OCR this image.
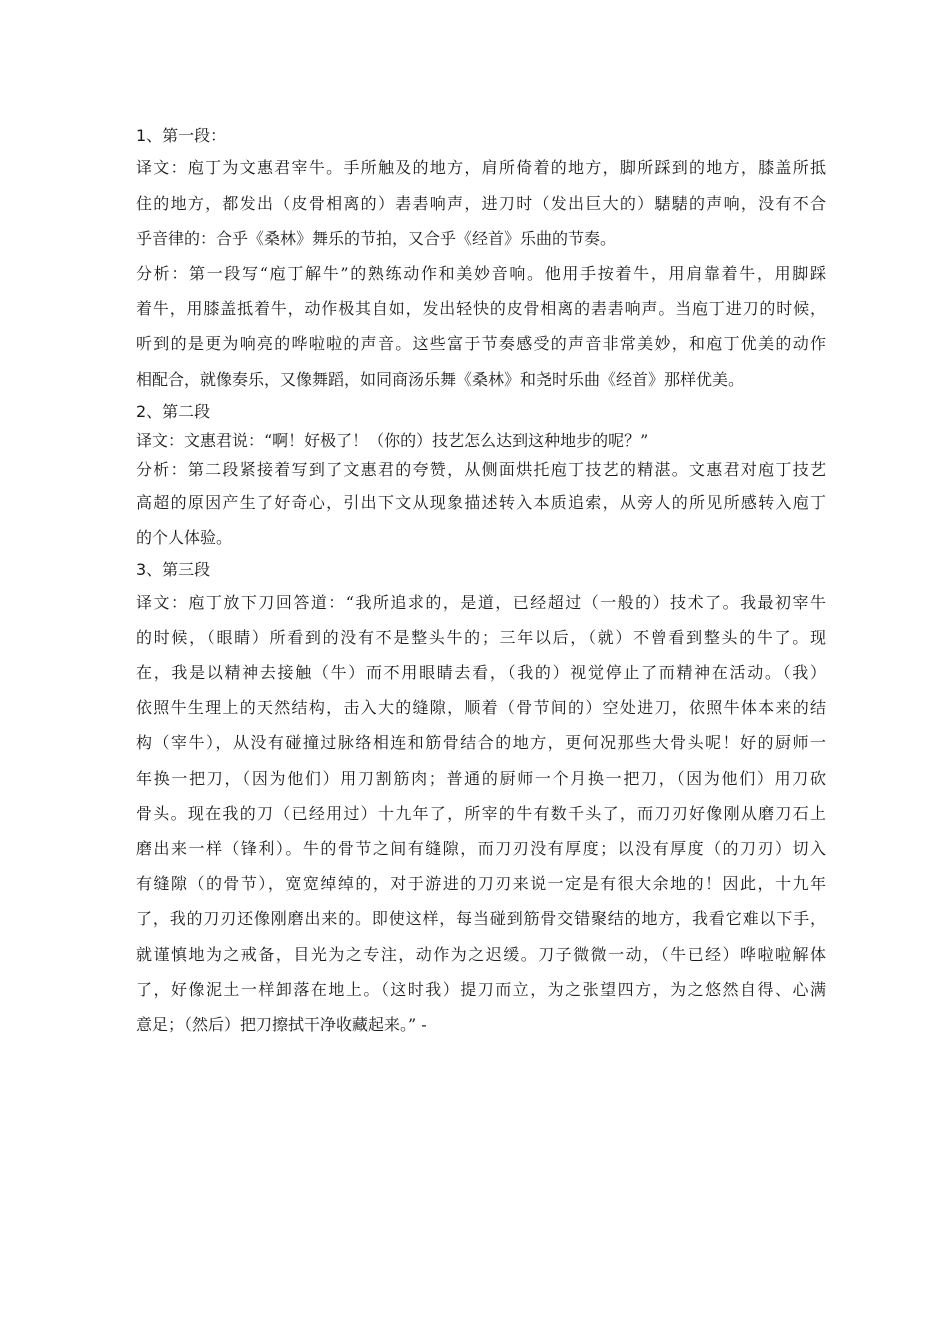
1、第一段：
译文：庖丁为文惠君宰牛。手所触及的地方，肩所倚着的地方，脚所踩到的地方，膝盖所抵
住的地方，都发出（皮骨相离的）砉砉响声，进刀时（发出巨大的）騞騞的声响，没有不合
乎音律的：合乎《桑林》舞乐的节拍，又合乎《经首》乐曲的节奏。
分析：第一段写“庖丁解牛”的熟练动作和美妙音响。他用手按着牛，用肩靠着牛，用脚踩
着牛，用膝盖抵着牛，动作极其自如，发出轻快的皮骨相离的砉砉响声。当庖丁进刀的时候，
听到的是更为响亮的哗啦啦的声音。这些富于节奏感受的声音非常美妙，和庖丁优美的动作
相配合，就像奏乐，又像舞蹈，如同商汤乐舞《桑林》和尧时乐曲《经首》那样优美。
2、第二段
译文：文惠君说：“啊！好极了！（你的）技艺怎么达到这种地步的呢？”
分析：第二段紧接着写到了文惠君的夸赞，从侧面烘托庖丁技艺的精湛。文惠君对庖丁技艺
高超的原因产生了好奇心，引出下文从现象描述转入本质追索，从旁人的所见所感转入庖丁
的个人体验。
3、第三段
译文：庖丁放下刀回答道：“我所追求的，是道，已经超过（一般的）技术了。我最初宰牛
的时候，（眼睛）所看到的没有不是整头牛的；三年以后，（就）不曾看到整头的牛了。现
在，我是以精神去接触（牛）而不用眼睛去看，（我的）视觉停止了而精神在活动。（我）
依照牛生理上的天然结构，击入大的缝隙，顺着（骨节间的）空处进刀，依照牛体本来的结
构（宰牛），从没有碰撞过脉络相连和筋骨结合的地方，更何况那些大骨头呢！好的厨师一
年换一把刀，（因为他们）用刀割筋肉；普通的厨师一个月换一把刀，（因为他们）用刀砍
骨头。现在我的刀（已经用过）十九年了，所宰的牛有数千头了，而刀刃好像刚从磨刀石上
磨出来一样（锋利）。牛的骨节之间有缝隙，而刀刃没有厚度；以没有厚度（的刀刃）切入
有缝隙（的骨节），宽宽绰绰的，对于游进的刀刃来说一定是有很大余地的！因此，十九年
了，我的刀刃还像刚磨出来的。即使这样，每当碰到筋骨交错聚结的地方，我看它难以下手，
就谨慎地为之戒备，目光为之专注，动作为之迟缓。刀子微微一动，（牛已经）哗啦啦解体
了，好像泥土一样卸落在地上。（这时我）提刀而立，为之张望四方，为之悠然自得、心满
意足；（然后）把刀擦拭干净收藏起来。” -
